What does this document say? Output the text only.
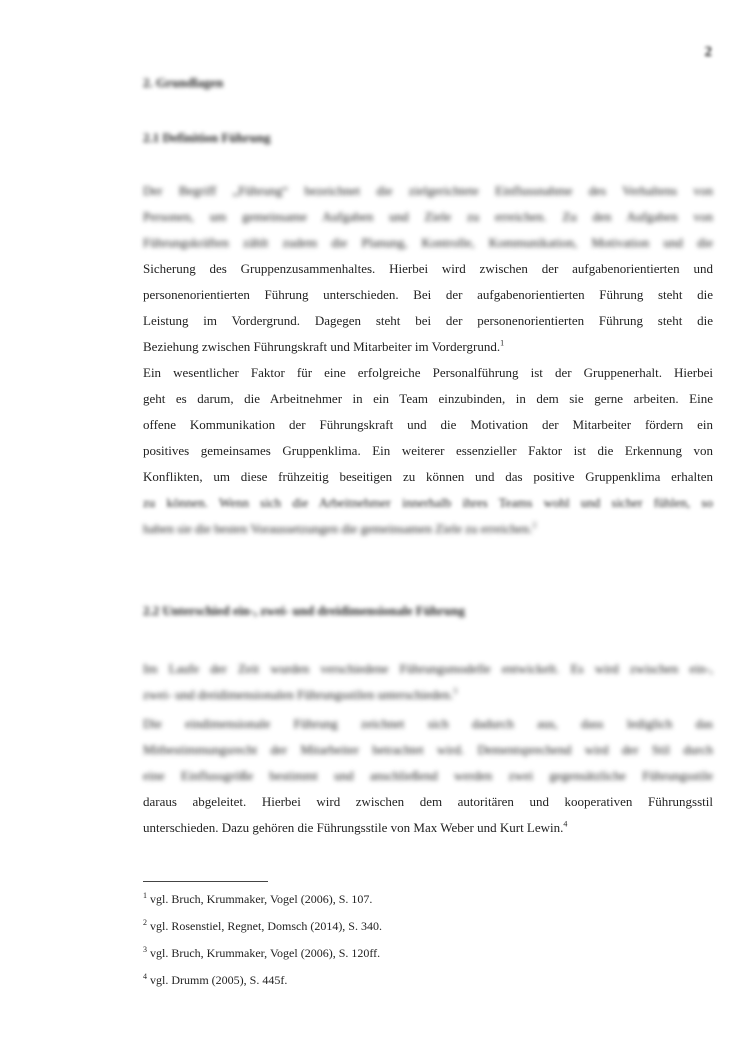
2
2. Grundlagen
2.1 Definition Führung
Der Begriff „Führung“ bezeichnet die zielgerichtete Einflussnahme des Verhaltens von
Personen, um gemeinsame Aufgaben und Ziele zu erreichen. Zu den Aufgaben von
Führungskräften zählt zudem die Planung, Kontrolle, Kommunikation, Motivation und die
Sicherung des Gruppenzusammenhaltes. Hierbei wird zwischen der aufgabenorientierten und
personenorientierten Führung unterschieden. Bei der aufgabenorientierten Führung steht die
Leistung im Vordergrund. Dagegen steht bei der personenorientierten Führung steht die
Beziehung zwischen Führungskraft und Mitarbeiter im Vordergrund.$^1$
Ein wesentlicher Faktor für eine erfolgreiche Personalführung ist der Gruppenerhalt. Hierbei
geht es darum, die Arbeitnehmer in ein Team einzubinden, in dem sie gerne arbeiten. Eine
offene Kommunikation der Führungskraft und die Motivation der Mitarbeiter fördern ein
positives gemeinsames Gruppenklima. Ein weiterer essenzieller Faktor ist die Erkennung von
Konflikten, um diese frühzeitig beseitigen zu können und das positive Gruppenklima erhalten
zu können. Wenn sich die Arbeitnehmer innerhalb ihres Teams wohl und sicher fühlen, so
haben sie die besten Voraussetzungen die gemeinsamen Ziele zu erreichen.$^2$
2.2 Unterschied ein-, zwei- und dreidimensionale Führung
Im Laufe der Zeit wurden verschiedene Führungsmodelle entwickelt. Es wird zwischen ein-,
zwei- und dreidimensionalen Führungsstilen unterschieden.$^3$
Die eindimensionale Führung zeichnet sich dadurch aus, dass lediglich das
Mitbestimmungsrecht der Mitarbeiter betrachtet wird. Dementsprechend wird der Stil durch
eine Einflussgröße bestimmt und anschließend werden zwei gegensätzliche Führungsstile
daraus abgeleitet. Hierbei wird zwischen dem autoritären und kooperativen Führungsstil
unterschieden. Dazu gehören die Führungsstile von Max Weber und Kurt Lewin.$^4$
$^1$ vgl. Bruch, Krummaker, Vogel (2006), S. 107.
$^2$ vgl. Rosenstiel, Regnet, Domsch (2014), S. 340.
$^3$ vgl. Bruch, Krummaker, Vogel (2006), S. 120ff.
$^4$ vgl. Drumm (2005), S. 445f.
